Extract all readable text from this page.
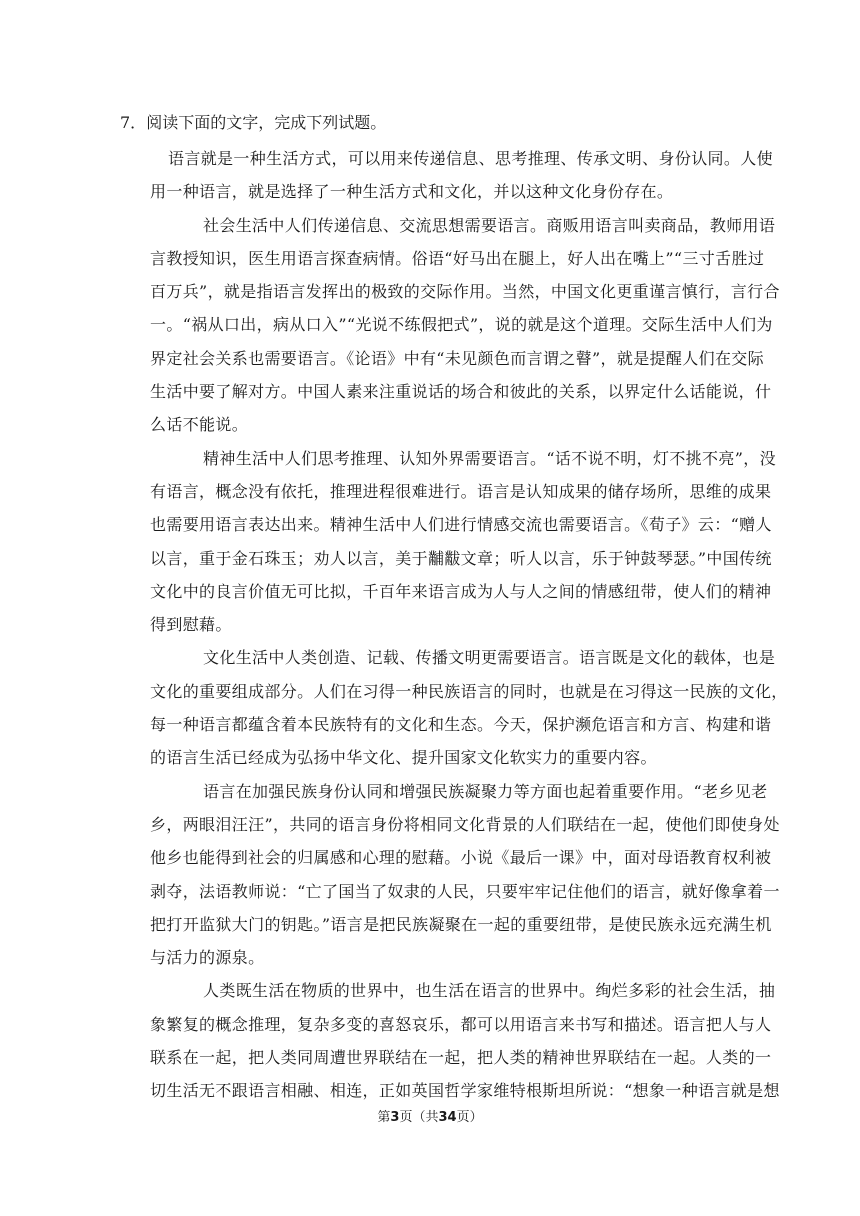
7．阅读下面的文字，完成下列试题。
语言就是一种生活方式，可以用来传递信息、思考推理、传承文明、身份认同。人使
用一种语言，就是选择了一种生活方式和文化，并以这种文化身份存在。
社会生活中人们传递信息、交流思想需要语言。商贩用语言叫卖商品，教师用语
言教授知识，医生用语言探查病情。俗语“好马出在腿上，好人出在嘴上”“三寸舌胜过
百万兵”，就是指语言发挥出的极致的交际作用。当然，中国文化更重谨言慎行，言行合
一。“祸从口出，病从口入”“光说不练假把式”，说的就是这个道理。交际生活中人们为
界定社会关系也需要语言。《论语》中有“未见颜色而言谓之瞽”，就是提醒人们在交际
生活中要了解对方。中国人素来注重说话的场合和彼此的关系，以界定什么话能说，什
么话不能说。
精神生活中人们思考推理、认知外界需要语言。“话不说不明，灯不挑不亮”，没
有语言，概念没有依托，推理进程很难进行。语言是认知成果的储存场所，思维的成果
也需要用语言表达出来。精神生活中人们进行情感交流也需要语言。《荀子》云：“赠人
以言，重于金石珠玉；劝人以言，美于黼黻文章；听人以言，乐于钟鼓琴瑟。”中国传统
文化中的良言价值无可比拟，千百年来语言成为人与人之间的情感纽带，使人们的精神
得到慰藉。
文化生活中人类创造、记载、传播文明更需要语言。语言既是文化的载体，也是
文化的重要组成部分。人们在习得一种民族语言的同时，也就是在习得这一民族的文化，
每一种语言都蕴含着本民族特有的文化和生态。今天，保护濒危语言和方言、构建和谐
的语言生活已经成为弘扬中华文化、提升国家文化软实力的重要内容。
语言在加强民族身份认同和增强民族凝聚力等方面也起着重要作用。“老乡见老
乡，两眼泪汪汪”，共同的语言身份将相同文化背景的人们联结在一起，使他们即使身处
他乡也能得到社会的归属感和心理的慰藉。小说《最后一课》中，面对母语教育权利被
剥夺，法语教师说：“亡了国当了奴隶的人民，只要牢牢记住他们的语言，就好像拿着一
把打开监狱大门的钥匙。”语言是把民族凝聚在一起的重要纽带，是使民族永远充满生机
与活力的源泉。
人类既生活在物质的世界中，也生活在语言的世界中。绚烂多彩的社会生活，抽
象繁复的概念推理，复杂多变的喜怒哀乐，都可以用语言来书写和描述。语言把人与人
联系在一起，把人类同周遭世界联结在一起，把人类的精神世界联结在一起。人类的一
切生活无不跟语言相融、相连，正如英国哲学家维特根斯坦所说：“想象一种语言就是想
第3页（共34页）
